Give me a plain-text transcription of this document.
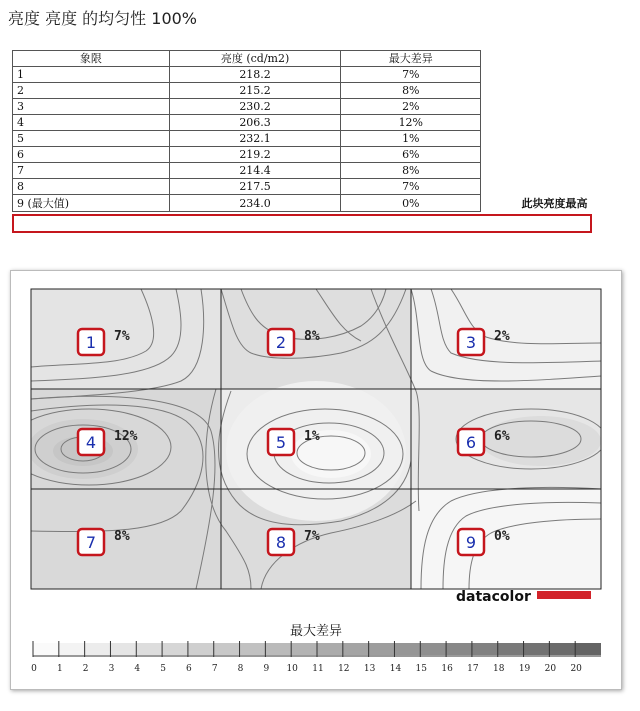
亮度 亮度 的均匀性 100%
象限	亮度 (cd/m2)	最大差异	
1	218.2	7%	
2	215.2	8%	
3	230.2	2%	
4	206.3	12%	
5	232.1	1%	
6	219.2	6%	
7	214.4	8%	
8	217.5	7%	
9 (最大值)	234.0	0%	此块亮度最高
1 7%	2 8%	3 2%
4 12%	5 1%	6 6%
7 8%	8 7%	9 0%
datacolor
最大差异
0 1 2 3 4 5 6 7 8 9 10 11 12 13 14 15 16 17 18 19 20 20
